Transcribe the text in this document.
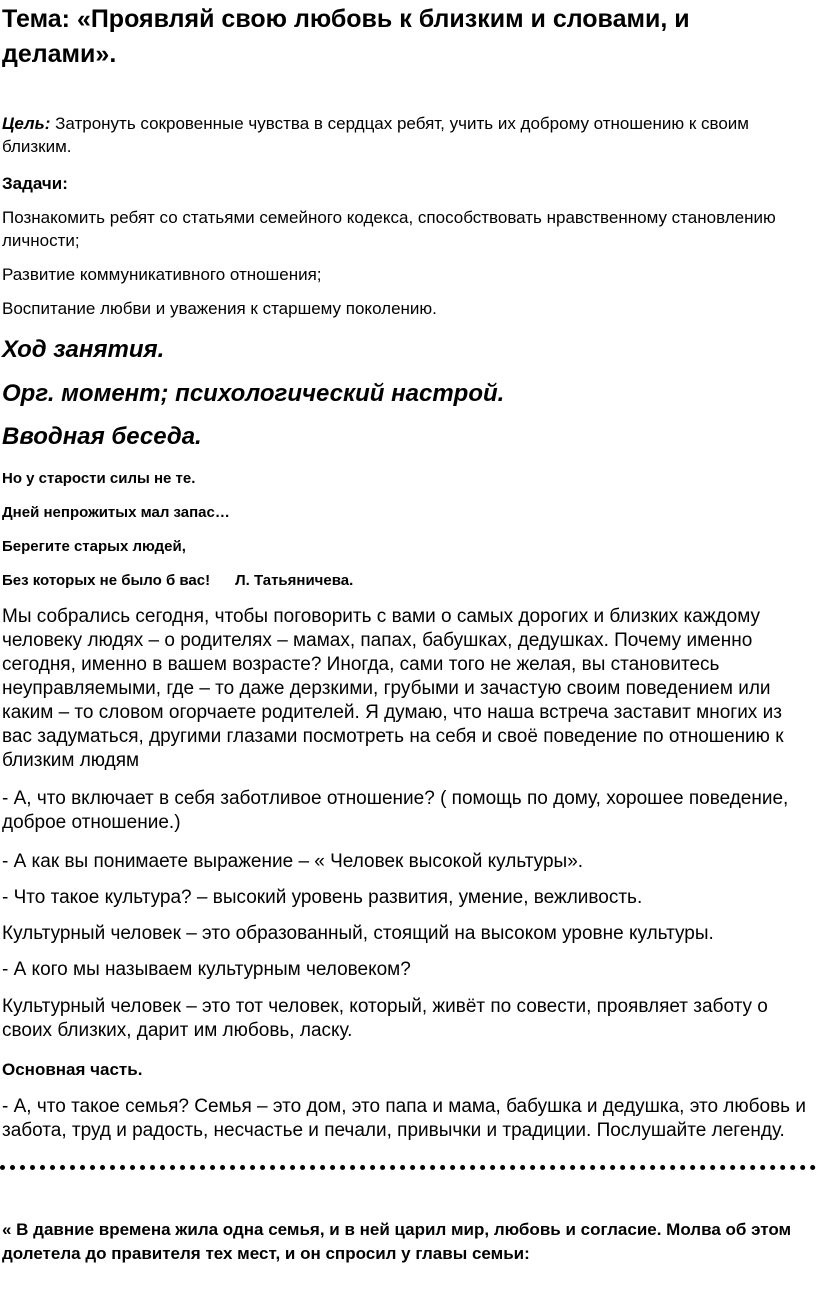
Тема: «Проявляй свою любовь к близким и словами, и делами».

Цель: Затронуть сокровенные чувства в сердцах ребят, учить их доброму отношению к своим близким.

Задачи:

Познакомить ребят со статьями семейного кодекса, способствовать нравственному становлению личности;

Развитие коммуникативного отношения;

Воспитание любви и уважения к старшему поколению.

Ход занятия.
Орг. момент; психологический настрой.
Вводная беседа.

Но у старости силы не те.

Дней непрожитых мал запас…

Берегите старых людей,

Без которых не было б вас!      Л. Татьяничева.

Мы собрались сегодня, чтобы поговорить с вами о самых дорогих и близких каждому человеку людях – о родителях – мамах, папах, бабушках, дедушках. Почему именно сегодня, именно в вашем возрасте? Иногда, сами того не желая, вы становитесь неуправляемыми, где – то даже дерзкими, грубыми и зачастую своим поведением или каким – то словом огорчаете родителей. Я думаю, что наша встреча заставит многих из вас задуматься, другими глазами посмотреть на себя и своё поведение по отношению к близким людям

- А, что включает в себя заботливое отношение? ( помощь по дому, хорошее поведение, доброе отношение.)

- А как вы понимаете выражение – « Человек высокой культуры».

- Что такое культура? – высокий уровень развития, умение, вежливость.

Культурный человек – это образованный, стоящий на высоком уровне культуры.

- А кого мы называем культурным человеком?

Культурный человек – это тот человек, который, живёт по совести, проявляет заботу о своих близких, дарит им любовь, ласку.

Основная часть.

- А, что такое семья? Семья – это дом, это папа и мама, бабушка и дедушка, это любовь и забота, труд и радость, несчастье и печали, привычки и традиции. Послушайте легенду.

« В давние времена жила одна семья, и в ней царил мир, любовь и согласие. Молва об этом долетела до правителя тех мест, и он спросил у главы семьи:
